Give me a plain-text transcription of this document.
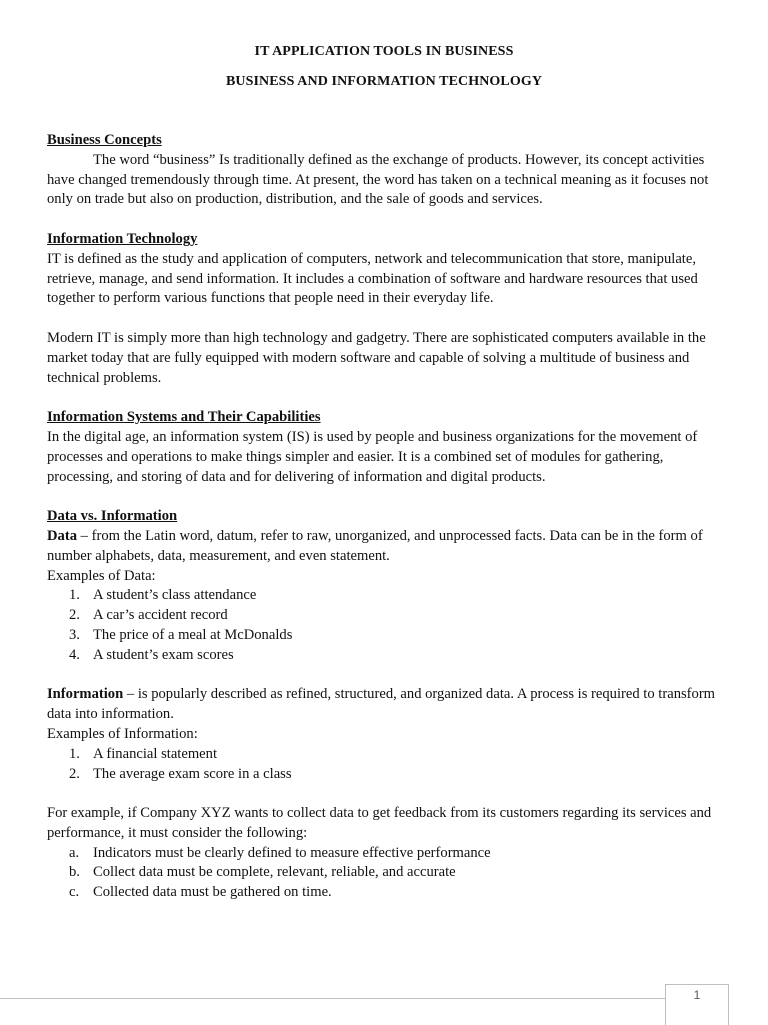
IT APPLICATION TOOLS IN BUSINESS
BUSINESS AND INFORMATION TECHNOLOGY

Business Concepts

The word “business” Is traditionally defined as the exchange of products. However, its concept activities have changed tremendously through time. At present, the word has taken on a technical meaning as it focuses not only on trade but also on production, distribution, and the sale of goods and services.

Information Technology

IT is defined as the study and application of computers, network and telecommunication that store, manipulate, retrieve, manage, and send information. It includes a combination of software and hardware resources that used together to perform various functions that people need in their everyday life.

Modern IT is simply more than high technology and gadgetry. There are sophisticated computers available in the market today that are fully equipped with modern software and capable of solving a multitude of business and technical problems.

Information Systems and Their Capabilities

In the digital age, an information system (IS) is used by people and business organizations for the movement of processes and operations to make things simpler and easier. It is a combined set of modules for gathering, processing, and storing of data and for delivering of information and digital products.

Data vs. Information

Data – from the Latin word, datum, refer to raw, unorganized, and unprocessed facts. Data can be in the form of number alphabets, data, measurement, and even statement.

Examples of Data:

1. A student’s class attendance
2. A car’s accident record
3. The price of a meal at McDonalds
4. A student’s exam scores

Information – is popularly described as refined, structured, and organized data. A process is required to transform data into information.

Examples of Information:

1. A financial statement
2. The average exam score in a class

For example, if Company XYZ wants to collect data to get feedback from its customers regarding its services and performance, it must consider the following:

a. Indicators must be clearly defined to measure effective performance
b. Collect data must be complete, relevant, reliable, and accurate
c. Collected data must be gathered on time.
1
